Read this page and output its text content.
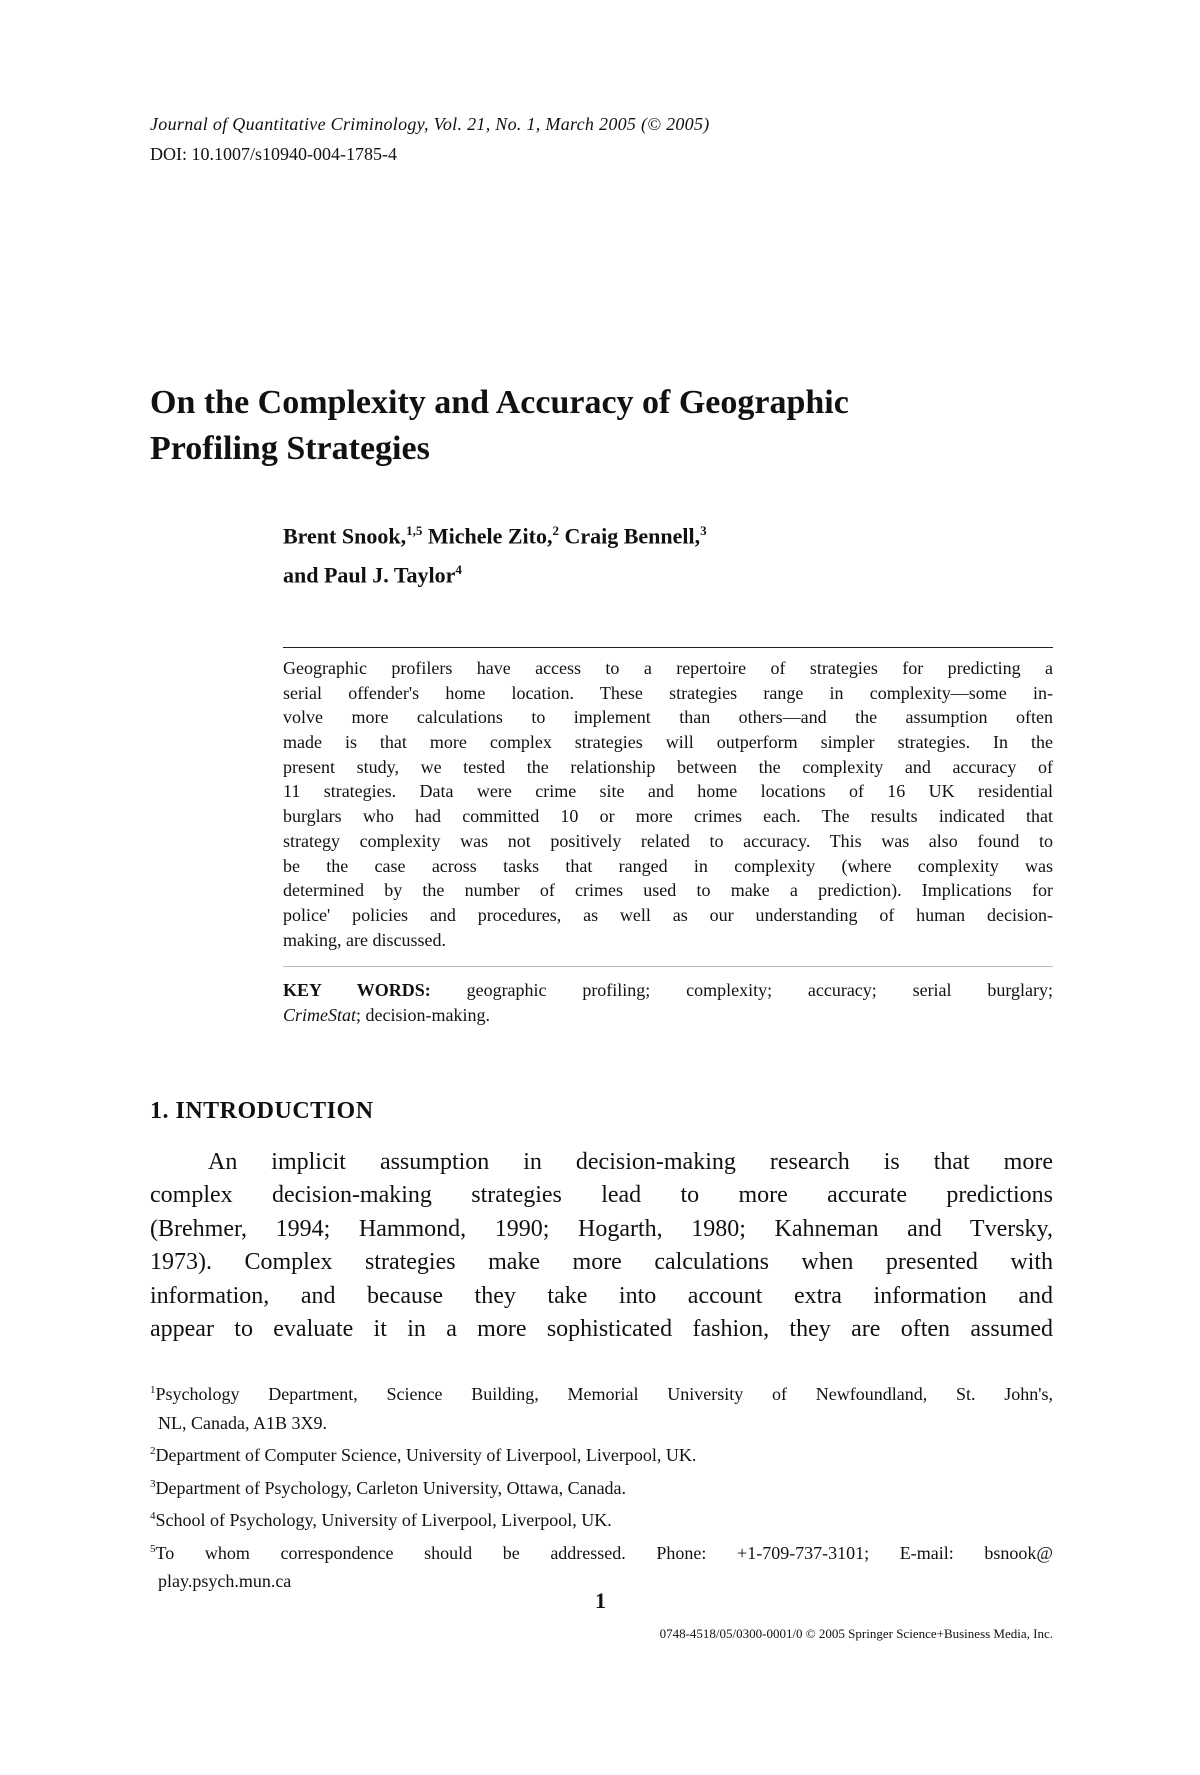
Journal of Quantitative Criminology, Vol. 21, No. 1, March 2005 (© 2005)
DOI: 10.1007/s10940-004-1785-4
On the Complexity and Accuracy of Geographic
Profiling Strategies
Brent Snook,$^{1,5}$ Michele Zito,$^2$ Craig Bennell,$^3$
and Paul J. Taylor$^4$
Geographic profilers have access to a repertoire of strategies for predicting a
serial offender's home location. These strategies range in complexity—some in-
volve more calculations to implement than others—and the assumption often
made is that more complex strategies will outperform simpler strategies. In the
present study, we tested the relationship between the complexity and accuracy of
11 strategies. Data were crime site and home locations of 16 UK residential
burglars who had committed 10 or more crimes each. The results indicated that
strategy complexity was not positively related to accuracy. This was also found to
be the case across tasks that ranged in complexity (where complexity was
determined by the number of crimes used to make a prediction). Implications for
police' policies and procedures, as well as our understanding of human decision-
making, are discussed.
KEY WORDS: geographic profiling; complexity; accuracy; serial burglary;
CrimeStat; decision-making.
1. INTRODUCTION
An implicit assumption in decision-making research is that more
complex decision-making strategies lead to more accurate predictions
(Brehmer, 1994; Hammond, 1990; Hogarth, 1980; Kahneman and Tversky,
1973). Complex strategies make more calculations when presented with
information, and because they take into account extra information and
appear to evaluate it in a more sophisticated fashion, they are often assumed
$^1$Psychology Department, Science Building, Memorial University of Newfoundland, St. John's,
NL, Canada, A1B 3X9.
$^2$Department of Computer Science, University of Liverpool, Liverpool, UK.
$^3$Department of Psychology, Carleton University, Ottawa, Canada.
$^4$School of Psychology, University of Liverpool, Liverpool, UK.
$^5$To whom correspondence should be addressed. Phone: +1-709-737-3101; E-mail: bsnook@
play.psych.mun.ca
1
0748-4518/05/0300-0001/0 © 2005 Springer Science+Business Media, Inc.
